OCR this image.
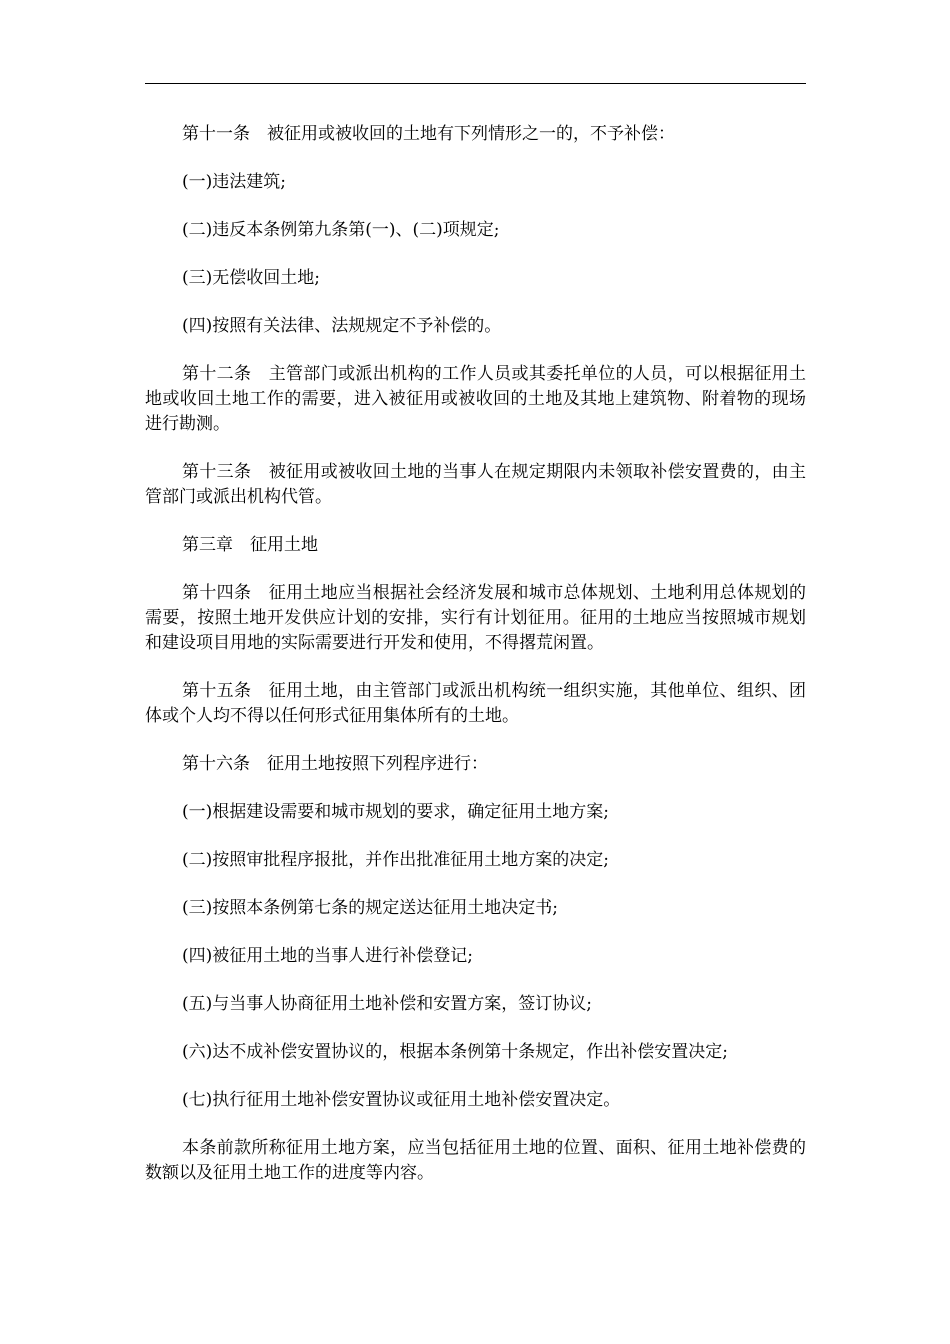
第十一条　被征用或被收回的土地有下列情形之一的，不予补偿：

(一)违法建筑;

(二)违反本条例第九条第(一)、(二)项规定;

(三)无偿收回土地;

(四)按照有关法律、法规规定不予补偿的。

第十二条　主管部门或派出机构的工作人员或其委托单位的人员，可以根据征用土地或收回土地工作的需要，进入被征用或被收回的土地及其地上建筑物、附着物的现场进行勘测。

第十三条　被征用或被收回土地的当事人在规定期限内未领取补偿安置费的，由主管部门或派出机构代管。

第三章　征用土地

第十四条　征用土地应当根据社会经济发展和城市总体规划、土地利用总体规划的需要，按照土地开发供应计划的安排，实行有计划征用。征用的土地应当按照城市规划和建设项目用地的实际需要进行开发和使用，不得撂荒闲置。

第十五条　征用土地，由主管部门或派出机构统一组织实施，其他单位、组织、团体或个人均不得以任何形式征用集体所有的土地。

第十六条　征用土地按照下列程序进行：

(一)根据建设需要和城市规划的要求，确定征用土地方案;

(二)按照审批程序报批，并作出批准征用土地方案的决定;

(三)按照本条例第七条的规定送达征用土地决定书;

(四)被征用土地的当事人进行补偿登记;

(五)与当事人协商征用土地补偿和安置方案，签订协议;

(六)达不成补偿安置协议的，根据本条例第十条规定，作出补偿安置决定;

(七)执行征用土地补偿安置协议或征用土地补偿安置决定。

本条前款所称征用土地方案，应当包括征用土地的位置、面积、征用土地补偿费的数额以及征用土地工作的进度等内容。
